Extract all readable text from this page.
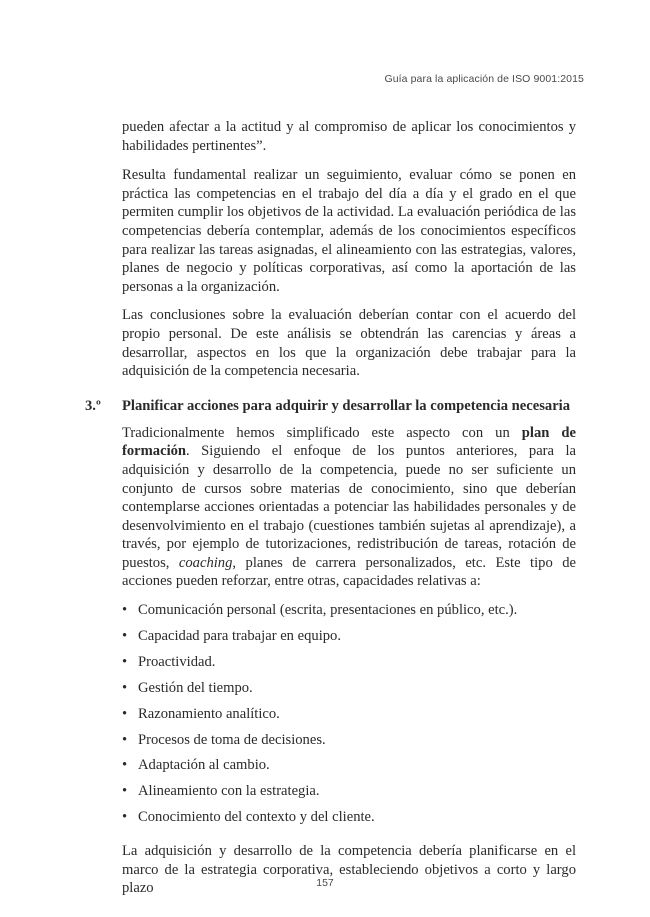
Guía para la aplicación de ISO 9001:2015

pueden afectar a la actitud y al compromiso de aplicar los conocimientos y habilidades pertinentes”.

Resulta fundamental realizar un seguimiento, evaluar cómo se ponen en práctica las competencias en el trabajo del día a día y el grado en el que permiten cumplir los objetivos de la actividad. La evaluación periódica de las competencias debería contemplar, además de los conocimientos específicos para realizar las tareas asignadas, el alineamiento con las estrategias, valores, planes de negocio y políticas corporativas, así como la aportación de las personas a la organización.

Las conclusiones sobre la evaluación deberían contar con el acuerdo del propio personal. De este análisis se obtendrán las carencias y áreas a desarrollar, aspectos en los que la organización debe trabajar para la adquisición de la competencia necesaria.

3.º Planificar acciones para adquirir y desarrollar la competencia necesaria

Tradicionalmente hemos simplificado este aspecto con un plan de formación. Siguiendo el enfoque de los puntos anteriores, para la adquisición y desarrollo de la competencia, puede no ser suficiente un conjunto de cursos sobre materias de conocimiento, sino que deberían contemplarse acciones orientadas a potenciar las habilidades personales y de desenvolvimiento en el trabajo (cuestiones también sujetas al aprendizaje), a través, por ejemplo de tutorizaciones, redistribución de tareas, rotación de puestos, coaching, planes de carrera personalizados, etc. Este tipo de acciones pueden reforzar, entre otras, capacidades relativas a:

• Comunicación personal (escrita, presentaciones en público, etc.).
• Capacidad para trabajar en equipo.
• Proactividad.
• Gestión del tiempo.
• Razonamiento analítico.
• Procesos de toma de decisiones.
• Adaptación al cambio.
• Alineamiento con la estrategia.
• Conocimiento del contexto y del cliente.

La adquisición y desarrollo de la competencia debería planificarse en el marco de la estrategia corporativa, estableciendo objetivos a corto y largo plazo	157
